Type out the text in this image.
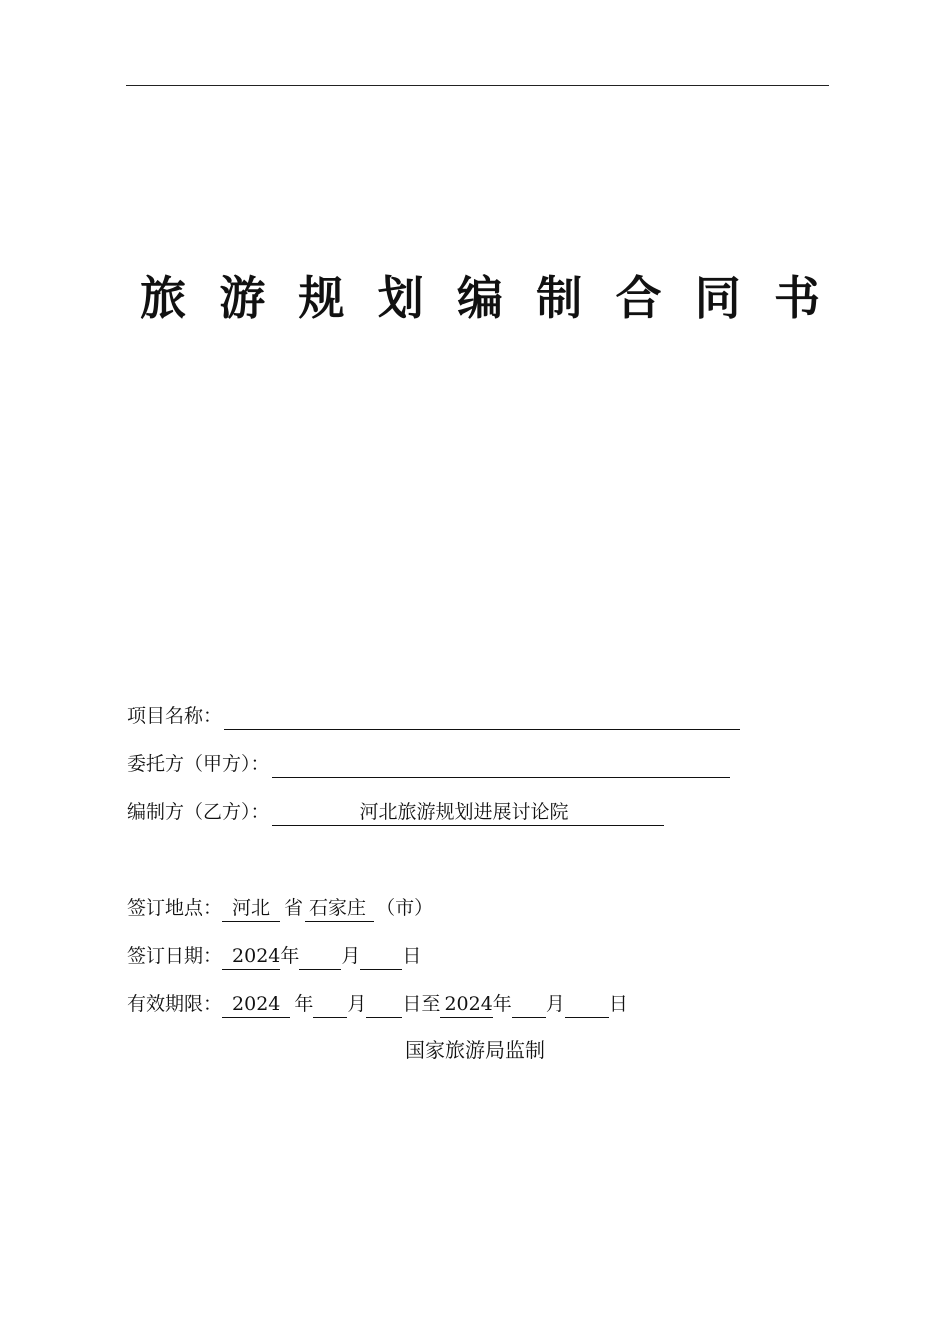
旅 游 规 划 编 制 合 同 书
项目名称：
委托方（甲方）：
编制方（乙方）：	河北旅游规划进展讨论院
签订地点： 河北 省 石家庄 （市）
签订日期： 2024 年 月 日
有效期限： 2024 年 月 日 至 2024 年 月 日
国家旅游局监制
